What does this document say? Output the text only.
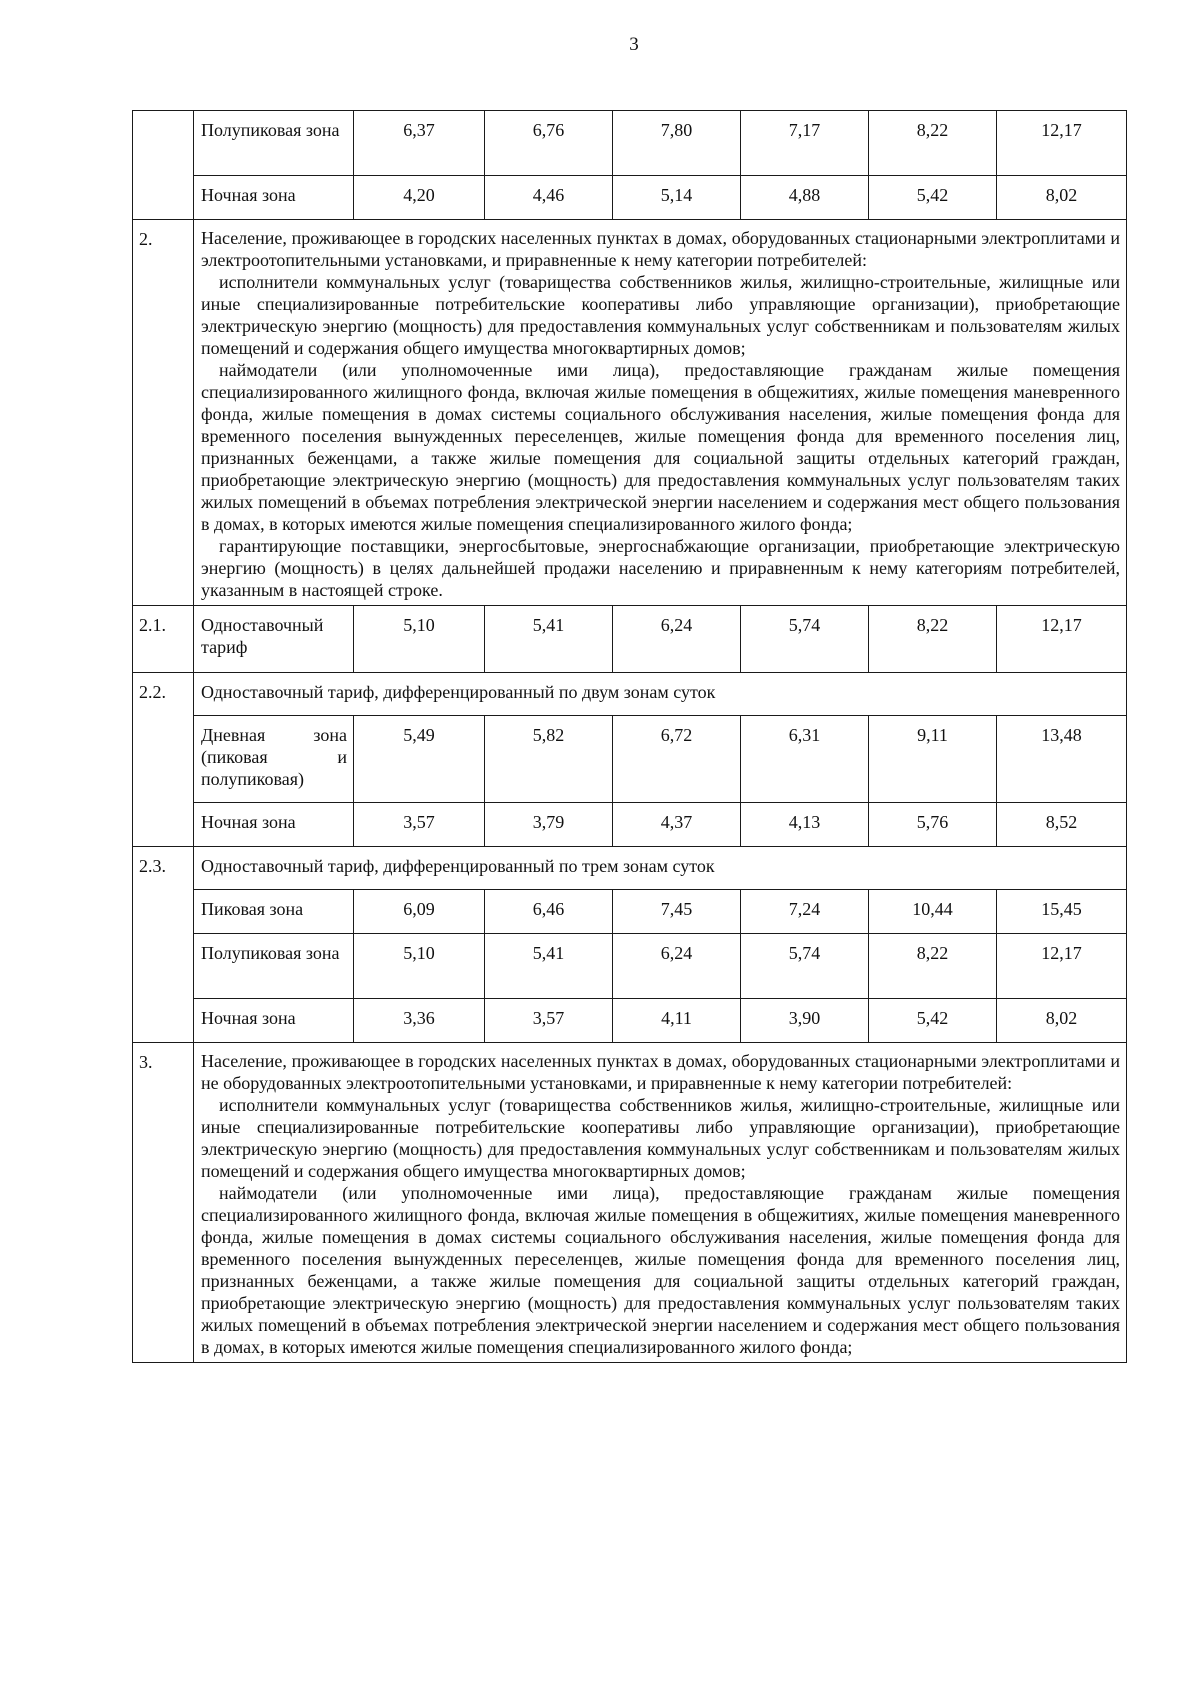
3
	Полупиковая зона	6,37	6,76	7,80	7,17	8,22	12,17
	Ночная зона	4,20	4,46	5,14	4,88	5,42	8,02
2.	Население, проживающее в городских населенных пунктах в домах, оборудованных стационарными электроплитами и электроотопительными установками, и приравненные к нему категории потребителей:

исполнители коммунальных услуг (товарищества собственников жилья, жилищно-строительные, жилищные или иные специализированные потребительские кооперативы либо управляющие организации), приобретающие электрическую энергию (мощность) для предоставления коммунальных услуг собственникам и пользователям жилых помещений и содержания общего имущества многоквартирных домов;

наймодатели (или уполномоченные ими лица), предоставляющие гражданам жилые помещения специализированного жилищного фонда, включая жилые помещения в общежитиях, жилые помещения маневренного фонда, жилые помещения в домах системы социального обслуживания населения, жилые помещения фонда для временного поселения вынужденных переселенцев, жилые помещения фонда для временного поселения лиц, признанных беженцами, а также жилые помещения для социальной защиты отдельных категорий граждан, приобретающие электрическую энергию (мощность) для предоставления коммунальных услуг пользователям таких жилых помещений в объемах потребления электрической энергии населением и содержания мест общего пользования в домах, в которых имеются жилые помещения специализированного жилого фонда;

гарантирующие поставщики, энергосбытовые, энергоснабжающие организации, приобретающие электрическую энергию (мощность) в целях дальнейшей продажи населению и приравненным к нему категориям потребителей, указанным в настоящей строке.						

2.1.	Одноставочный тариф	5,10	5,41	6,24	5,74	8,22	12,17
2.2.	Одноставочный тариф, дифференцированный по двум зонам суток						

	Дневная зона
(пиковая и
полупиковая)	5,49	5,82	6,72	6,31	9,11	13,48
	Ночная зона	3,57	3,79	4,37	4,13	5,76	8,52
2.3.	Одноставочный тариф, дифференцированный по трем зонам суток						
	Пиковая зона	6,09	6,46	7,45	7,24	10,44	15,45
	Полупиковая зона	5,10	5,41	6,24	5,74	8,22	12,17
	Ночная зона	3,36	3,57	4,11	3,90	5,42	8,02
3.	Население, проживающее в городских населенных пунктах в домах, оборудованных стационарными электроплитами и не оборудованных электроотопительными установками, и приравненные к нему категории потребителей:

исполнители коммунальных услуг (товарищества собственников жилья, жилищно-строительные, жилищные или иные специализированные потребительские кооперативы либо управляющие организации), приобретающие электрическую энергию (мощность) для предоставления коммунальных услуг собственникам и пользователям жилых помещений и содержания общего имущества многоквартирных домов;

наймодатели (или уполномоченные ими лица), предоставляющие гражданам жилые помещения специализированного жилищного фонда, включая жилые помещения в общежитиях, жилые помещения маневренного фонда, жилые помещения в домах системы социального обслуживания населения, жилые помещения фонда для временного поселения вынужденных переселенцев, жилые помещения фонда для временного поселения лиц, признанных беженцами, а также жилые помещения для социальной защиты отдельных категорий граждан, приобретающие электрическую энергию (мощность) для предоставления коммунальных услуг пользователям таких жилых помещений в объемах потребления электрической энергии населением и содержания мест общего пользования в домах, в которых имеются жилые помещения специализированного жилого фонда;						
